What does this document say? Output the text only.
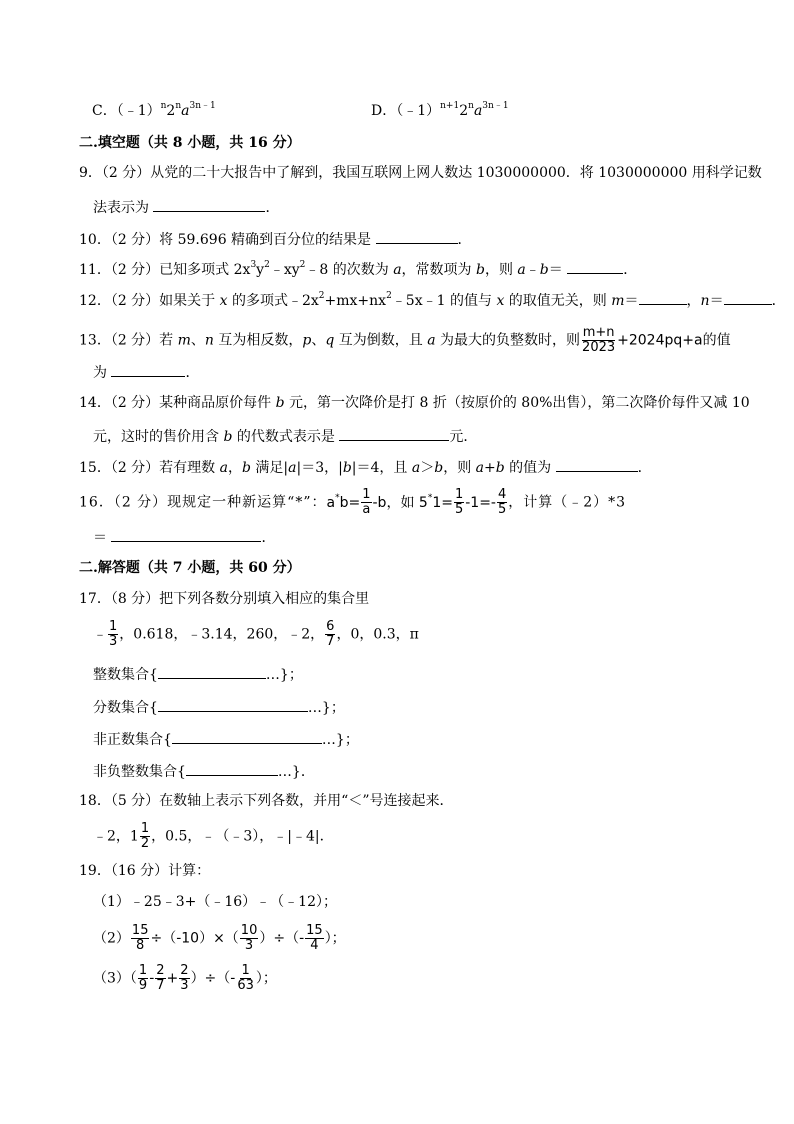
C．$(﹣1)^n2^na^{3n﹣1}$	D．$(﹣1)^{n+1}2^na^{3n﹣1}$
二.填空题（共 8 小题，共 16 分）
9．（2 分）从党的二十大报告中了解到，我国互联网上网人数达 1030000000．将 1030000000 用科学记数
法表示为	．
10．（2 分）将 59.696 精确到百分位的结果是	．
11．（2 分）已知多项式 $2x^3y^2﹣xy^2﹣8$ 的次数为 a，常数项为 b，则 a﹣b＝	．
12．（2 分）如果关于 x 的多项式$﹣2x^2+mx+nx^2﹣5x﹣1$ 的值与 x 的取值无关，则 m＝	，n＝	．
13．（2 分）若 m、n 互为相反数，p、q 互为倒数，且 a 为最大的负整数时，则 $\frac{m+n}{2023} +2024pq+a$的值
为	．
14．（2 分）某种商品原价每件 b 元，第一次降价是打 8 折（按原价的 80%出售），第二次降价每件又减 10
元，这时的售价用含 b 的代数式表示是	元．
15．（2 分）若有理数 a，b 满足|a|＝3，|b|＝4，且 a＞b，则 a+b 的值为	．
16．（2 分）现规定一种新运算“*”：$a^*b= \frac{1}{a} -b$，如 $5^*1= \frac{1}{5} -1=- \frac{4}{5}$ ，计算（﹣2）*3
＝	．
二.解答题（共 7 小题，共 60 分）
17．（8 分）把下列各数分别填入相应的集合里
﹣ $\frac{1}{3}$ ，0.618，﹣3.14，260，﹣2， $\frac{6}{7}$ ，0，0.3，π
整数集合{	…}；
分数集合{	…}；
非正数集合{	…}；
非负整数集合{	…}．
18．（5 分）在数轴上表示下列各数，并用“＜”号连接起来．
﹣2，$1 \frac{1}{2}$ ，0.5，﹣（﹣3），﹣|﹣4|．
19．（16 分）计算：
（1）﹣25﹣3+（﹣16）﹣（﹣12）；
$(2) \frac{15}{8} \div(-10)\times( \frac{10}{3}$ ）÷（- $\frac{15}{4}$ ）；
$(3)( \frac{1}{9} - \frac{2}{7} + \frac{2}{3}$ ）÷（- $\frac{1}{63}$ ）；
